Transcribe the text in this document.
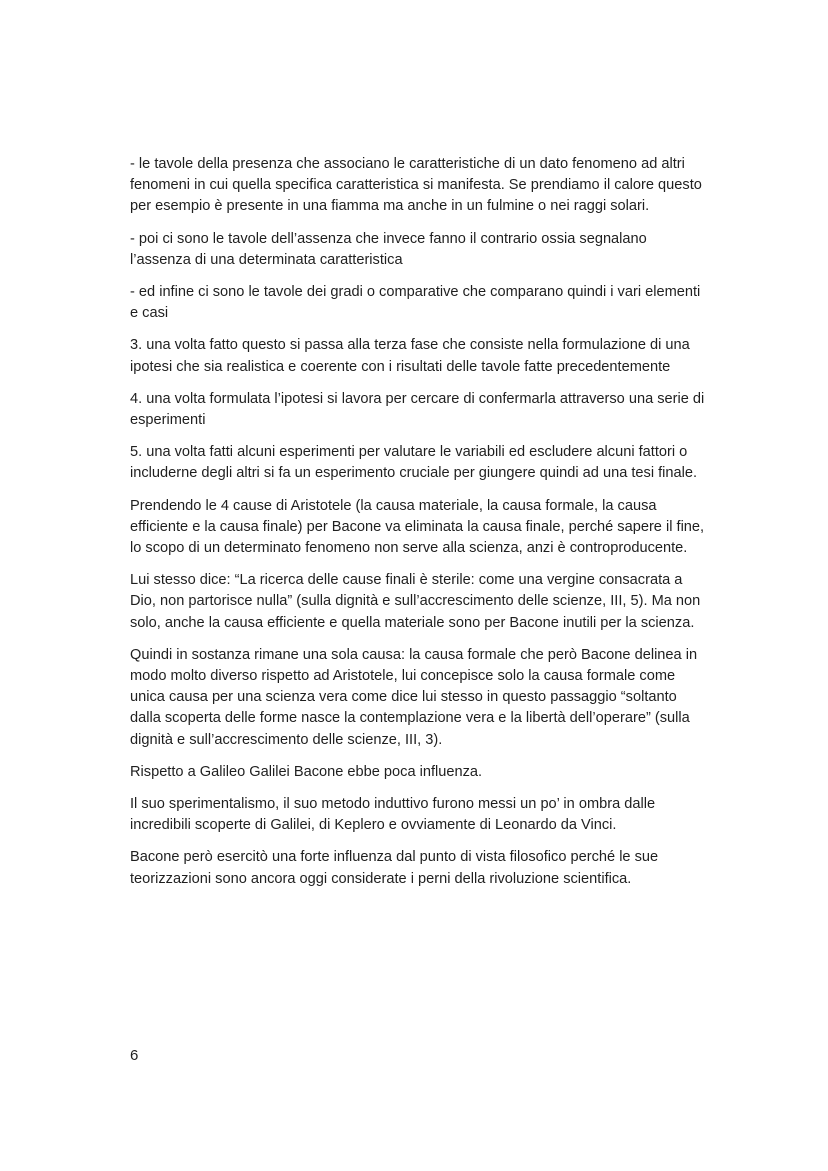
- le tavole della presenza che associano le caratteristiche di un dato fenomeno ad altri fenomeni in cui quella specifica caratteristica si manifesta. Se prendiamo il calore questo per esempio è presente in una fiamma ma anche in un fulmine o nei raggi solari.

- poi ci sono le tavole dell’assenza che invece fanno il contrario ossia segnalano l’assenza di una determinata caratteristica

- ed infine ci sono le tavole dei gradi o comparative che comparano quindi i vari elementi e casi

3. una volta fatto questo si passa alla terza fase che consiste nella formulazione di una ipotesi che sia realistica e coerente con i risultati delle tavole fatte precedentemente

4. una volta formulata l’ipotesi si lavora per cercare di confermarla attraverso una serie di esperimenti

5. una volta fatti alcuni esperimenti per valutare le variabili ed escludere alcuni fattori o includerne degli altri si fa un esperimento cruciale per giungere quindi ad una tesi finale.

Prendendo le 4 cause di Aristotele (la causa materiale, la causa formale, la causa efficiente e la causa finale) per Bacone va eliminata la causa finale, perché sapere il fine, lo scopo di un determinato fenomeno non serve alla scienza, anzi è controproducente.

Lui stesso dice: “La ricerca delle cause finali è sterile: come una vergine consacrata a Dio, non partorisce nulla” (sulla dignità e sull’accrescimento delle scienze, III, 5). Ma non solo, anche la causa efficiente e quella materiale sono per Bacone inutili per la scienza.

Quindi in sostanza rimane una sola causa: la causa formale che però Bacone delinea in modo molto diverso rispetto ad Aristotele, lui concepisce solo la causa formale come unica causa per una scienza vera come dice lui stesso in questo passaggio “soltanto dalla scoperta delle forme nasce la contemplazione vera e la libertà dell’operare” (sulla dignità e sull’accrescimento delle scienze, III, 3).

Rispetto a Galileo Galilei Bacone ebbe poca influenza.

Il suo sperimentalismo, il suo metodo induttivo furono messi un po’ in ombra dalle incredibili scoperte di Galilei, di Keplero e ovviamente di Leonardo da Vinci.

Bacone però esercitò una forte influenza dal punto di vista filosofico perché le sue teorizzazioni sono ancora oggi considerate i perni della rivoluzione scientifica.

6
